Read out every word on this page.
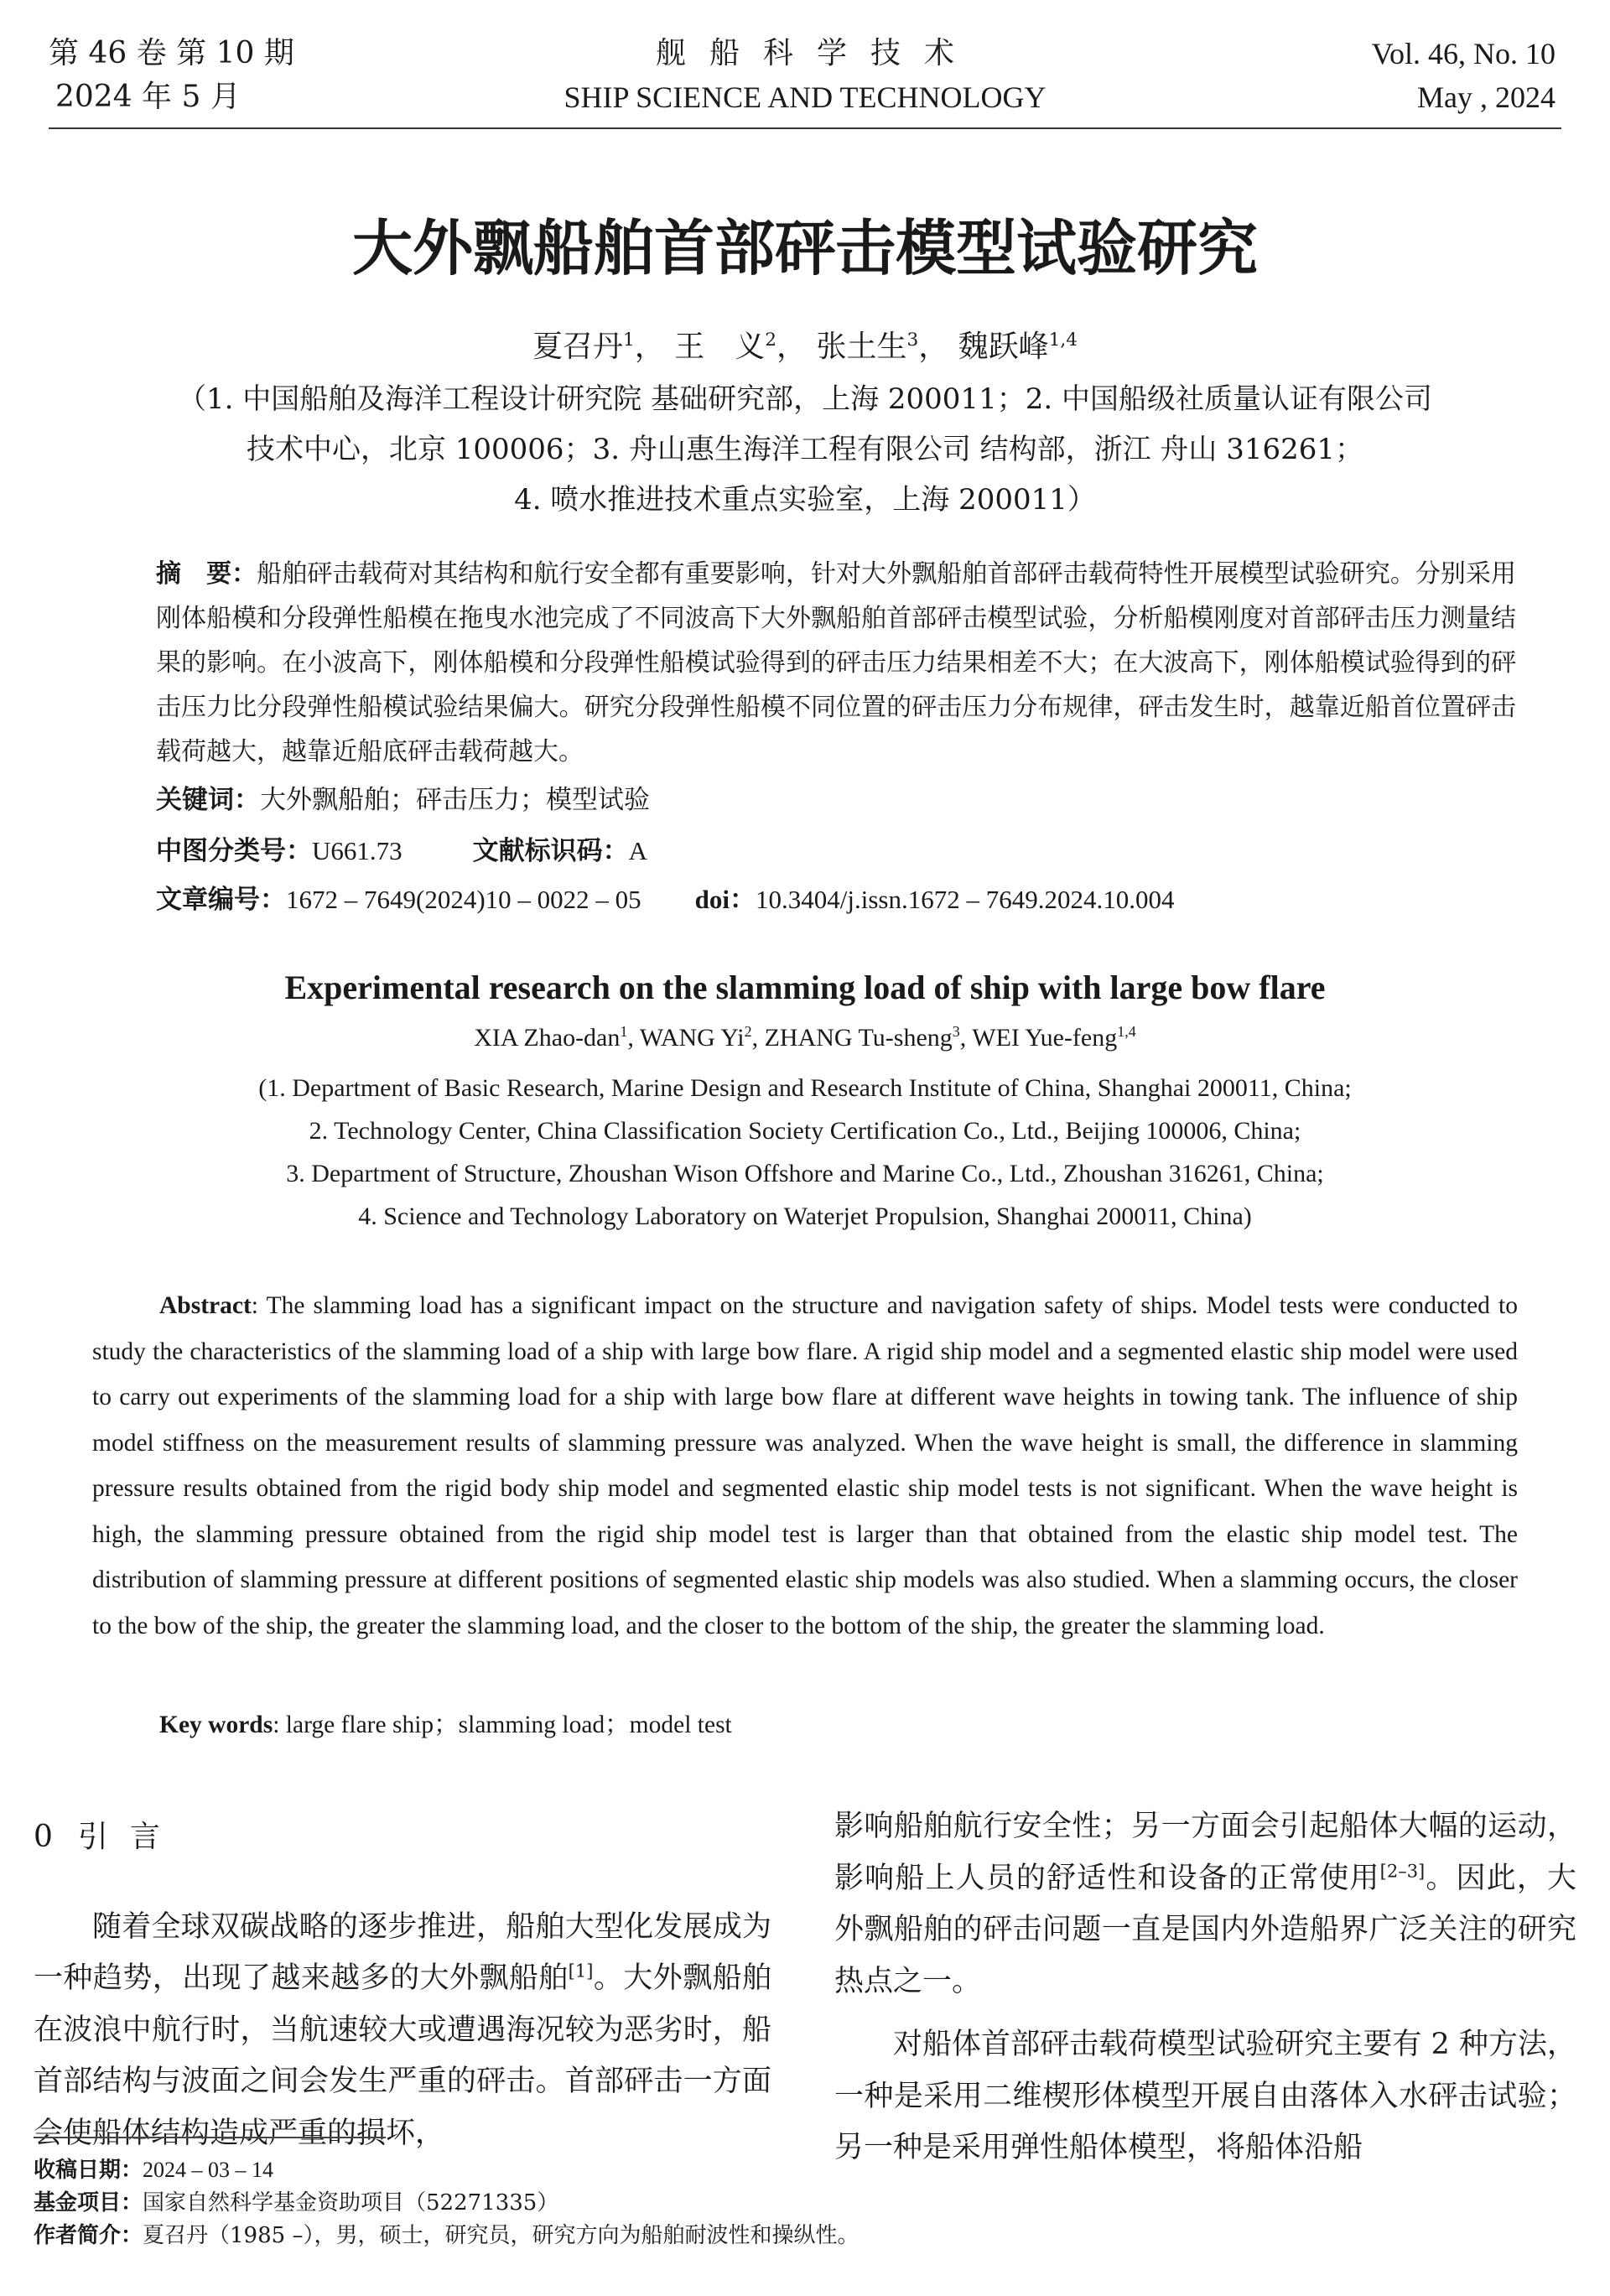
第 46 卷 第 10 期
2024 年 5 月
舰船科学技术
SHIP SCIENCE AND TECHNOLOGY
Vol. 46, No. 10
May , 2024
大外飘船舶首部砰击模型试验研究
夏召丹$^1$， 王　义$^2$， 张土生$^3$， 魏跃峰$^{1,4}$
（1. 中国船舶及海洋工程设计研究院 基础研究部，上海 200011；2. 中国船级社质量认证有限公司
技术中心，北京 100006；3. 舟山惠生海洋工程有限公司 结构部，浙江 舟山 316261；
4. 喷水推进技术重点实验室，上海 200011）
摘　要：船舶砰击载荷对其结构和航行安全都有重要影响，针对大外飘船舶首部砰击载荷特性开展模型试验研究。分别采用刚体船模和分段弹性船模在拖曳水池完成了不同波高下大外飘船舶首部砰击模型试验，分析船模刚度对首部砰击压力测量结果的影响。在小波高下，刚体船模和分段弹性船模试验得到的砰击压力结果相差不大；在大波高下，刚体船模试验得到的砰击压力比分段弹性船模试验结果偏大。研究分段弹性船模不同位置的砰击压力分布规律，砰击发生时，越靠近船首位置砰击载荷越大，越靠近船底砰击载荷越大。
关键词：大外飘船舶；砰击压力；模型试验
中图分类号：U661.73	文献标识码：A
文章编号：1672 – 7649(2024)10 – 0022 – 05 doi：10.3404/j.issn.1672 – 7649.2024.10.004
Experimental research on the slamming load of ship with large bow flare
XIA Zhao-dan$^1$, WANG Yi$^2$, ZHANG Tu-sheng$^3$, WEI Yue-feng$^{1,4}$
(1. Department of Basic Research, Marine Design and Research Institute of China, Shanghai 200011, China;
2. Technology Center, China Classification Society Certification Co., Ltd., Beijing 100006, China;
3. Department of Structure, Zhoushan Wison Offshore and Marine Co., Ltd., Zhoushan 316261, China;
4. Science and Technology Laboratory on Waterjet Propulsion, Shanghai 200011, China)
Abstract: The slamming load has a significant impact on the structure and navigation safety of ships. Model tests were conducted to study the characteristics of the slamming load of a ship with large bow flare. A rigid ship model and a segmented elastic ship model were used to carry out experiments of the slamming load for a ship with large bow flare at different wave heights in towing tank. The influence of ship model stiffness on the measurement results of slamming pressure was analyzed. When the wave height is small, the difference in slamming pressure results obtained from the rigid body ship model and segmented elastic ship model tests is not significant. When the wave height is high, the slamming pressure obtained from the rigid ship model test is larger than that obtained from the elastic ship model test. The distribution of slamming pressure at different positions of segmented elastic ship models was also studied. When a slamming occurs, the closer to the bow of the ship, the greater the slamming load, and the closer to the bottom of the ship, the greater the slamming load.
Key words: large flare ship；slamming load；model test
0 引言
随着全球双碳战略的逐步推进，船舶大型化发展成为一种趋势，出现了越来越多的大外飘船舶[1]。大外飘船舶在波浪中航行时，当航速较大或遭遇海况较为恶劣时，船首部结构与波面之间会发生严重的砰击。首部砰击一方面会使船体结构造成严重的损坏，
影响船舶航行安全性；另一方面会引起船体大幅的运动，影响船上人员的舒适性和设备的正常使用[2–3]。因此，大外飘船舶的砰击问题一直是国内外造船界广泛关注的研究热点之一。
对船体首部砰击载荷模型试验研究主要有 2 种方法，一种是采用二维楔形体模型开展自由落体入水砰击试验；另一种是采用弹性船体模型，将船体沿船
收稿日期：2024 – 03 – 14
基金项目：国家自然科学基金资助项目（52271335）
作者简介：夏召丹（1985 –），男，硕士，研究员，研究方向为船舶耐波性和操纵性。
